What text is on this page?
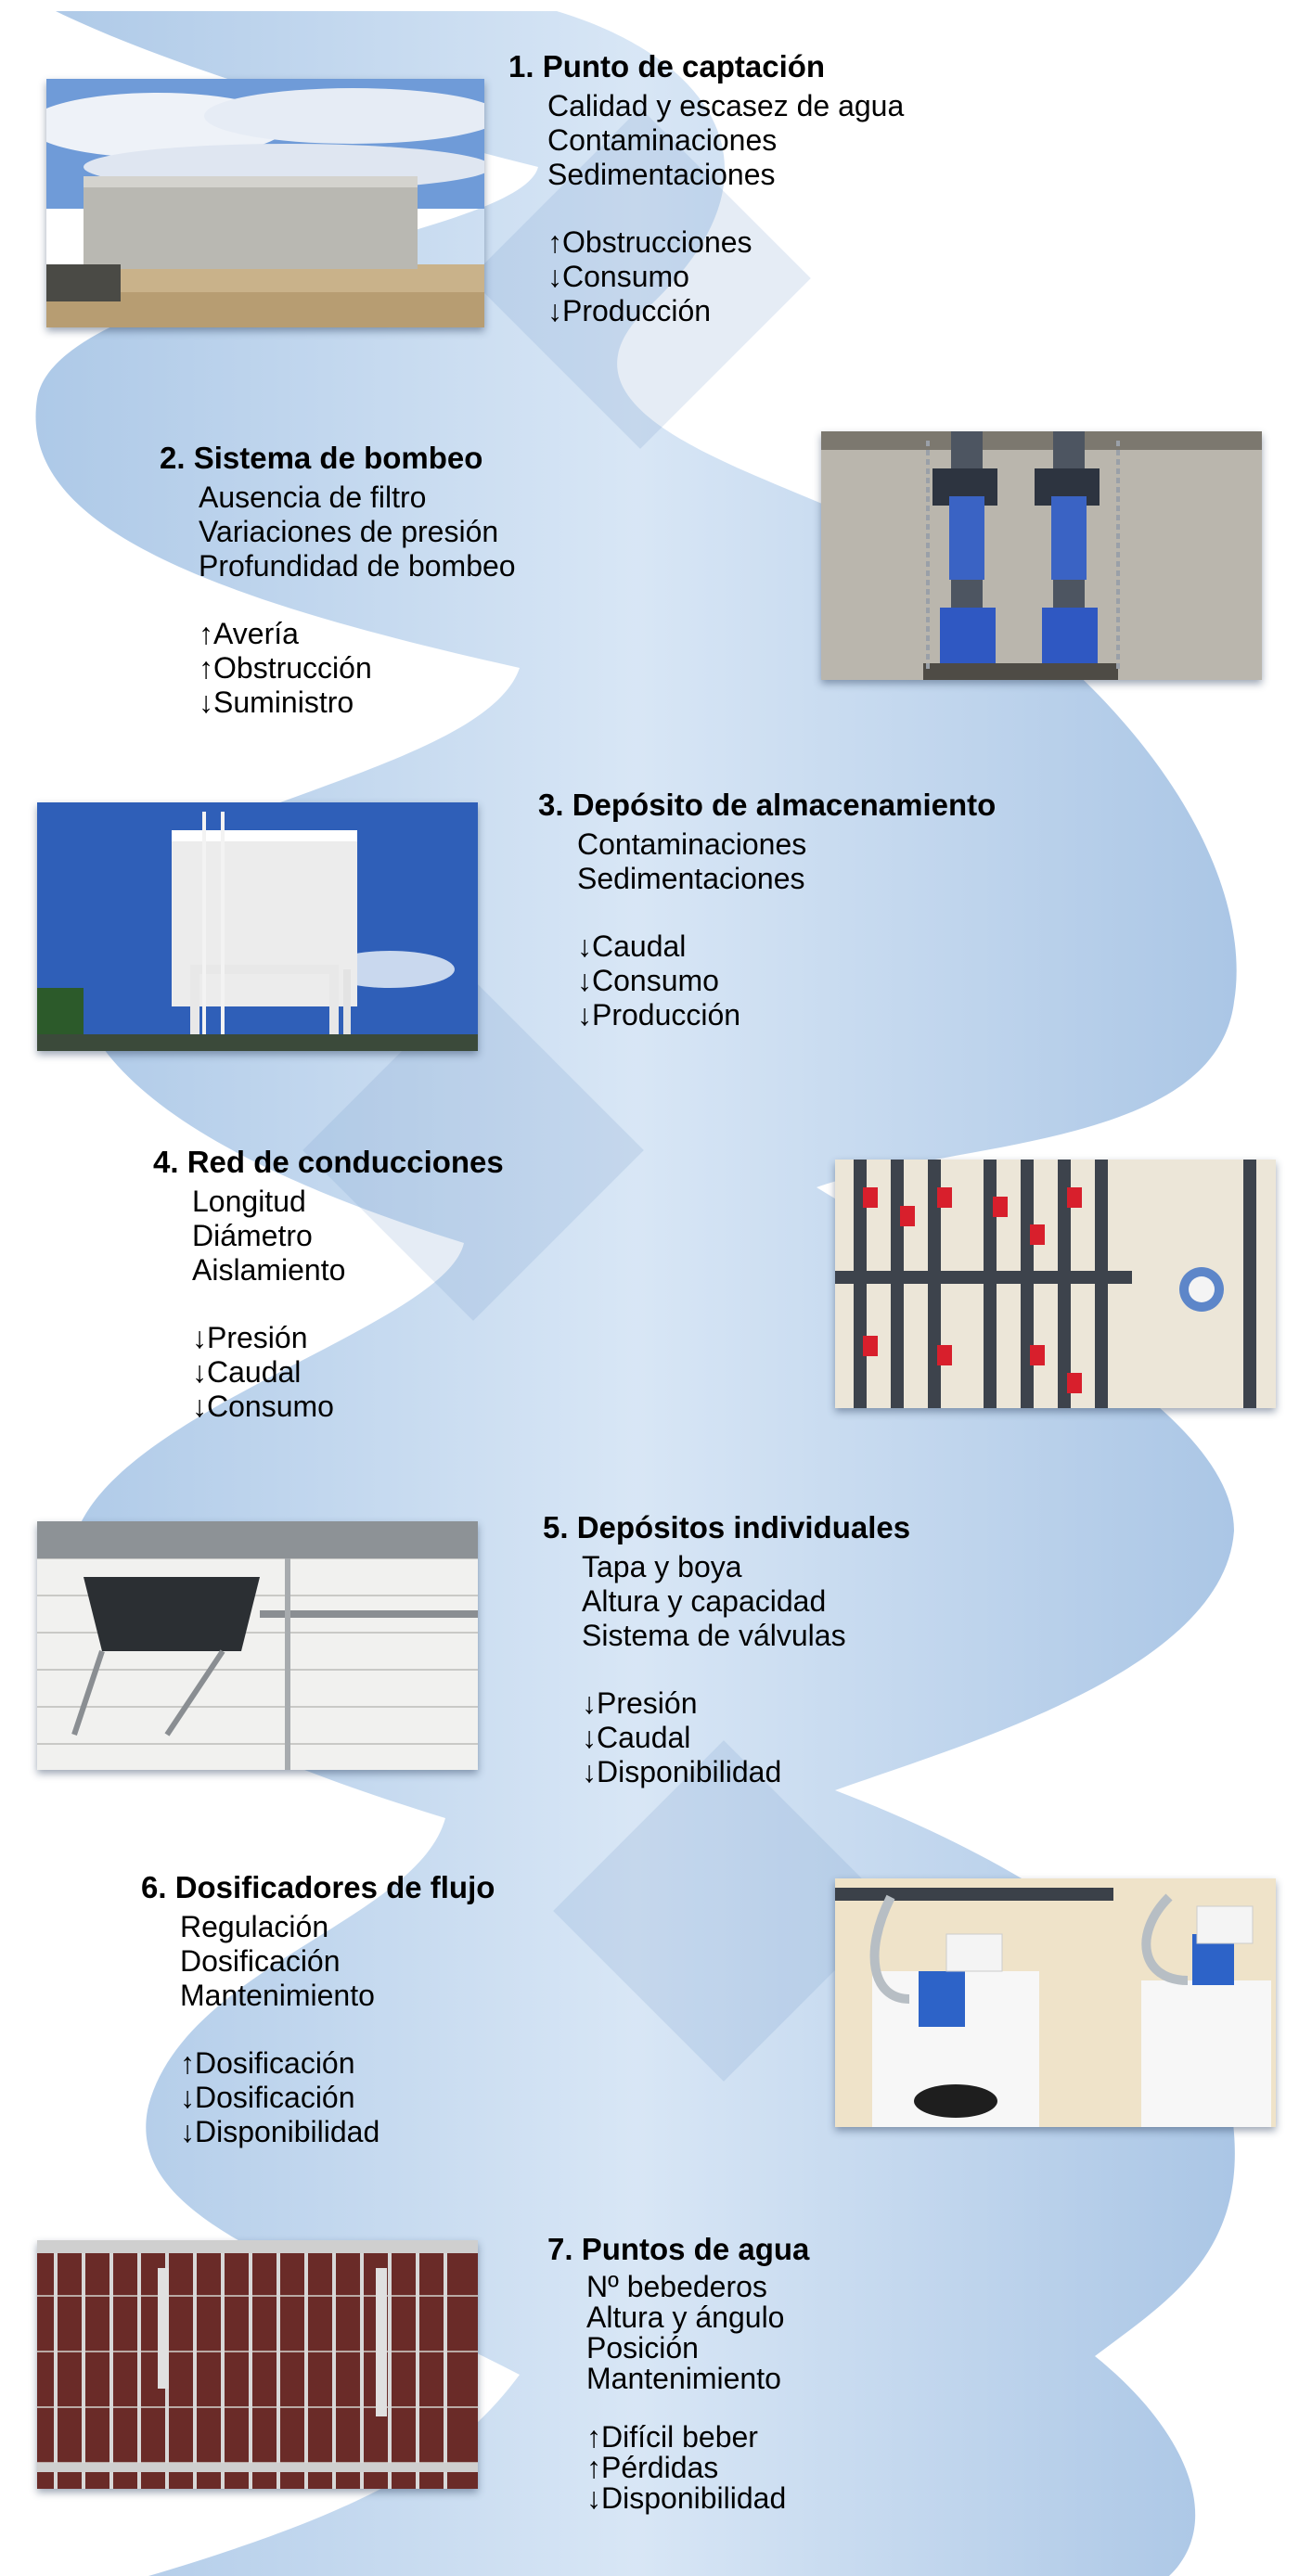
1. Punto de captación
Calidad y escasez de agua
Contaminaciones
Sedimentaciones
↑Obstrucciones
↓Consumo
↓Producción
2. Sistema de bombeo
Ausencia de filtro
Variaciones de presión
Profundidad de bombeo
↑Avería
↑Obstrucción
↓Suministro
3. Depósito de almacenamiento
Contaminaciones
Sedimentaciones
↓Caudal
↓Consumo
↓Producción
4. Red de conducciones
Longitud
Diámetro
Aislamiento
↓Presión
↓Caudal
↓Consumo
5. Depósitos individuales
Tapa y boya
Altura y capacidad
Sistema de válvulas
↓Presión
↓Caudal
↓Disponibilidad
6. Dosificadores de flujo
Regulación
Dosificación
Mantenimiento
↑Dosificación
↓Dosificación
↓Disponibilidad
7. Puntos de agua
Nº bebederos
Altura y ángulo
Posición
Mantenimiento
↑Difícil beber
↑Pérdidas
↓Disponibilidad
